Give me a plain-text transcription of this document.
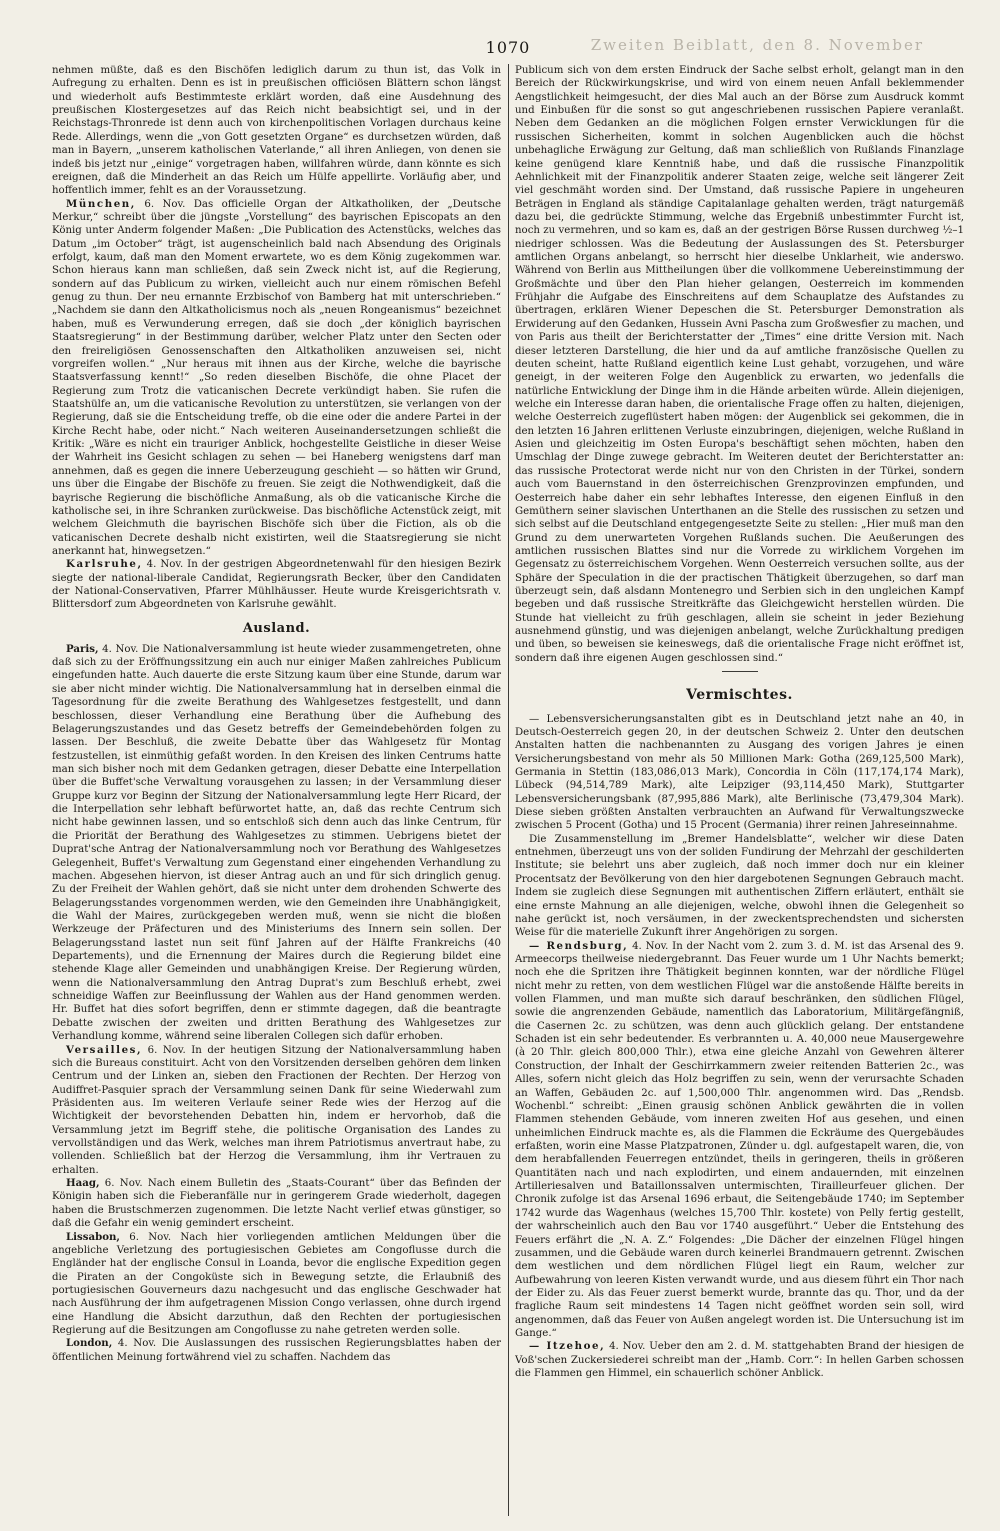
Zweiten Beiblatt, den 8. November
1070

nehmen müßte, daß es den Bischöfen lediglich darum zu thun ist, das Volk in Aufregung zu erhalten. Denn es ist in preußischen officiösen Blättern schon längst und wiederholt aufs Bestimmteste erklärt worden, daß eine Ausdehnung des preußischen Klostergesetzes auf das Reich nicht beabsichtigt sei, und in der Reichstags-Thronrede ist denn auch von kirchenpolitischen Vorlagen durchaus keine Rede. Allerdings, wenn die „von Gott gesetzten Organe“ es durchsetzen würden, daß man in Bayern, „unserem katholischen Vaterlande,“ all ihren Anliegen, von denen sie indeß bis jetzt nur „einige“ vorgetragen haben, willfahren würde, dann könnte es sich ereignen, daß die Minderheit an das Reich um Hülfe appellirte. Vorläufig aber, und hoffentlich immer, fehlt es an der Voraussetzung.

München, 6. Nov. Das officielle Organ der Altkatholiken, der „Deutsche Merkur,“ schreibt über die jüngste „Vorstellung“ des bayrischen Episcopats an den König unter Anderm folgender Maßen: „Die Publication des Actenstücks, welches das Datum „im October“ trägt, ist augenscheinlich bald nach Absendung des Originals erfolgt, kaum, daß man den Moment erwartete, wo es dem König zugekommen war. Schon hieraus kann man schließen, daß sein Zweck nicht ist, auf die Regierung, sondern auf das Publicum zu wirken, vielleicht auch nur einem römischen Befehl genug zu thun. Der neu ernannte Erzbischof von Bamberg hat mit unterschrieben.“ „Nachdem sie dann den Altkatholicismus noch als „neuen Rongeanismus“ bezeichnet haben, muß es Verwunderung erregen, daß sie doch „der königlich bayrischen Staatsregierung“ in der Bestimmung darüber, welcher Platz unter den Secten oder den freireligiösen Genossenschaften den Altkatholiken anzuweisen sei, nicht vorgreifen wollen.“ „Nur heraus mit ihnen aus der Kirche, welche die bayrische Staatsverfassung kennt!“ „So reden dieselben Bischöfe, die ohne Placet der Regierung zum Trotz die vaticanischen Decrete verkündigt haben. Sie rufen die Staatshülfe an, um die vaticanische Revolution zu unterstützen, sie verlangen von der Regierung, daß sie die Entscheidung treffe, ob die eine oder die andere Partei in der Kirche Recht habe, oder nicht.“ Nach weiteren Auseinandersetzungen schließt die Kritik: „Wäre es nicht ein trauriger Anblick, hochgestellte Geistliche in dieser Weise der Wahrheit ins Gesicht schlagen zu sehen — bei Haneberg wenigstens darf man annehmen, daß es gegen die innere Ueberzeugung geschieht — so hätten wir Grund, uns über die Eingabe der Bischöfe zu freuen. Sie zeigt die Nothwendigkeit, daß die bayrische Regierung die bischöfliche Anmaßung, als ob die vaticanische Kirche die katholische sei, in ihre Schranken zurückweise. Das bischöfliche Actenstück zeigt, mit welchem Gleichmuth die bayrischen Bischöfe sich über die Fiction, als ob die vaticanischen Decrete deshalb nicht existirten, weil die Staatsregierung sie nicht anerkannt hat, hinwegsetzen.“

Karlsruhe, 4. Nov. In der gestrigen Abgeordnetenwahl für den hiesigen Bezirk siegte der national-liberale Candidat, Regierungsrath Becker, über den Candidaten der National-Conservativen, Pfarrer Mühlhäusser. Heute wurde Kreisgerichtsrath v. Blittersdorf zum Abgeordneten von Karlsruhe gewählt.

Ausland.

Paris, 4. Nov. Die Nationalversammlung ist heute wieder zusammengetreten, ohne daß sich zu der Eröffnungssitzung ein auch nur einiger Maßen zahlreiches Publicum eingefunden hatte. Auch dauerte die erste Sitzung kaum über eine Stunde, darum war sie aber nicht minder wichtig. Die Nationalversammlung hat in derselben einmal die Tagesordnung für die zweite Berathung des Wahlgesetzes festgestellt, und dann beschlossen, dieser Verhandlung eine Berathung über die Aufhebung des Belagerungszustandes und das Gesetz betreffs der Gemeindebehörden folgen zu lassen. Der Beschluß, die zweite Debatte über das Wahlgesetz für Montag festzustellen, ist einmüthig gefaßt worden. In den Kreisen des linken Centrums hatte man sich bisher noch mit dem Gedanken getragen, dieser Debatte eine Interpellation über die Buffet'sche Verwaltung vorausgehen zu lassen; in der Versammlung dieser Gruppe kurz vor Beginn der Sitzung der Nationalversammlung legte Herr Ricard, der die Interpellation sehr lebhaft befürwortet hatte, an, daß das rechte Centrum sich nicht habe gewinnen lassen, und so entschloß sich denn auch das linke Centrum, für die Priorität der Berathung des Wahlgesetzes zu stimmen. Uebrigens bietet der Duprat'sche Antrag der Nationalversammlung noch vor Berathung des Wahlgesetzes Gelegenheit, Buffet's Verwaltung zum Gegenstand einer eingehenden Verhandlung zu machen. Abgesehen hiervon, ist dieser Antrag auch an und für sich dringlich genug. Zu der Freiheit der Wahlen gehört, daß sie nicht unter dem drohenden Schwerte des Belagerungsstandes vorgenommen werden, wie den Gemeinden ihre Unabhängigkeit, die Wahl der Maires, zurückgegeben werden muß, wenn sie nicht die bloßen Werkzeuge der Präfecturen und des Ministeriums des Innern sein sollen. Der Belagerungsstand lastet nun seit fünf Jahren auf der Hälfte Frankreichs (40 Departements), und die Ernennung der Maires durch die Regierung bildet eine stehende Klage aller Gemeinden und unabhängigen Kreise. Der Regierung würden, wenn die Nationalversammlung den Antrag Duprat's zum Beschluß erhebt, zwei schneidige Waffen zur Beeinflussung der Wahlen aus der Hand genommen werden. Hr. Buffet hat dies sofort begriffen, denn er stimmte dagegen, daß die beantragte Debatte zwischen der zweiten und dritten Berathung des Wahlgesetzes zur Verhandlung komme, während seine liberalen Collegen sich dafür erhoben.

Versailles, 6. Nov. In der heutigen Sitzung der Nationalversammlung haben sich die Bureaus constituirt. Acht von den Vorsitzenden derselben gehören dem linken Centrum und der Linken an, sieben den Fractionen der Rechten. Der Herzog von Audiffret-Pasquier sprach der Versammlung seinen Dank für seine Wiederwahl zum Präsidenten aus. Im weiteren Verlaufe seiner Rede wies der Herzog auf die Wichtigkeit der bevorstehenden Debatten hin, indem er hervorhob, daß die Versammlung jetzt im Begriff stehe, die politische Organisation des Landes zu vervollständigen und das Werk, welches man ihrem Patriotismus anvertraut habe, zu vollenden. Schließlich bat der Herzog die Versammlung, ihm ihr Vertrauen zu erhalten.

Haag, 6. Nov. Nach einem Bulletin des „Staats-Courant“ über das Befinden der Königin haben sich die Fieberanfälle nur in geringerem Grade wiederholt, dagegen haben die Brustschmerzen zugenommen. Die letzte Nacht verlief etwas günstiger, so daß die Gefahr ein wenig gemindert erscheint.

Lissabon, 6. Nov. Nach hier vorliegenden amtlichen Meldungen über die angebliche Verletzung des portugiesischen Gebietes am Congoflusse durch die Engländer hat der englische Consul in Loanda, bevor die englische Expedition gegen die Piraten an der Congoküste sich in Bewegung setzte, die Erlaubniß des portugiesischen Gouverneurs dazu nachgesucht und das englische Geschwader hat nach Ausführung der ihm aufgetragenen Mission Congo verlassen, ohne durch irgend eine Handlung die Absicht darzuthun, daß den Rechten der portugiesischen Regierung auf die Besitzungen am Congoflusse zu nahe getreten werden solle.

London, 4. Nov. Die Auslassungen des russischen Regierungsblattes haben der öffentlichen Meinung fortwährend viel zu schaffen. Nachdem das

Publicum sich von dem ersten Eindruck der Sache selbst erholt, gelangt man in den Bereich der Rückwirkungskrise, und wird von einem neuen Anfall beklemmender Aengstlichkeit heimgesucht, der dies Mal auch an der Börse zum Ausdruck kommt und Einbußen für die sonst so gut angeschriebenen russischen Papiere veranlaßt. Neben dem Gedanken an die möglichen Folgen ernster Verwicklungen für die russischen Sicherheiten, kommt in solchen Augenblicken auch die höchst unbehagliche Erwägung zur Geltung, daß man schließlich von Rußlands Finanzlage keine genügend klare Kenntniß habe, und daß die russische Finanzpolitik Aehnlichkeit mit der Finanzpolitik anderer Staaten zeige, welche seit längerer Zeit viel geschmäht worden sind. Der Umstand, daß russische Papiere in ungeheuren Beträgen in England als ständige Capitalanlage gehalten werden, trägt naturgemäß dazu bei, die gedrückte Stimmung, welche das Ergebniß unbestimmter Furcht ist, noch zu vermehren, und so kam es, daß an der gestrigen Börse Russen durchweg ½–1 niedriger schlossen. Was die Bedeutung der Auslassungen des St. Petersburger amtlichen Organs anbelangt, so herrscht hier dieselbe Unklarheit, wie anderswo. Während von Berlin aus Mittheilungen über die vollkommene Uebereinstimmung der Großmächte und über den Plan hieher gelangen, Oesterreich im kommenden Frühjahr die Aufgabe des Einschreitens auf dem Schauplatze des Aufstandes zu übertragen, erklären Wiener Depeschen die St. Petersburger Demonstration als Erwiderung auf den Gedanken, Hussein Avni Pascha zum Großwesfier zu machen, und von Paris aus theilt der Berichterstatter der „Times“ eine dritte Version mit. Nach dieser letzteren Darstellung, die hier und da auf amtliche französische Quellen zu deuten scheint, hatte Rußland eigentlich keine Lust gehabt, vorzugehen, und wäre geneigt, in der weiteren Folge den Augenblick zu erwarten, wo jedenfalls die natürliche Entwicklung der Dinge ihm in die Hände arbeiten würde. Allein diejenigen, welche ein Interesse daran haben, die orientalische Frage offen zu halten, diejenigen, welche Oesterreich zugeflüstert haben mögen: der Augenblick sei gekommen, die in den letzten 16 Jahren erlittenen Verluste einzubringen, diejenigen, welche Rußland in Asien und gleichzeitig im Osten Europa's beschäftigt sehen möchten, haben den Umschlag der Dinge zuwege gebracht. Im Weiteren deutet der Berichterstatter an: das russische Protectorat werde nicht nur von den Christen in der Türkei, sondern auch vom Bauernstand in den österreichischen Grenzprovinzen empfunden, und Oesterreich habe daher ein sehr lebhaftes Interesse, den eigenen Einfluß in den Gemüthern seiner slavischen Unterthanen an die Stelle des russischen zu setzen und sich selbst auf die Deutschland entgegengesetzte Seite zu stellen: „Hier muß man den Grund zu dem unerwarteten Vorgehen Rußlands suchen. Die Aeußerungen des amtlichen russischen Blattes sind nur die Vorrede zu wirklichem Vorgehen im Gegensatz zu österreichischem Vorgehen. Wenn Oesterreich versuchen sollte, aus der Sphäre der Speculation in die der practischen Thätigkeit überzugehen, so darf man überzeugt sein, daß alsdann Montenegro und Serbien sich in den ungleichen Kampf begeben und daß russische Streitkräfte das Gleichgewicht herstellen würden. Die Stunde hat vielleicht zu früh geschlagen, allein sie scheint in jeder Beziehung ausnehmend günstig, und was diejenigen anbelangt, welche Zurückhaltung predigen und üben, so beweisen sie keineswegs, daß die orientalische Frage nicht eröffnet ist, sondern daß ihre eigenen Augen geschlossen sind.“

Vermischtes.

— Lebensversicherungsanstalten gibt es in Deutschland jetzt nahe an 40, in Deutsch-Oesterreich gegen 20, in der deutschen Schweiz 2. Unter den deutschen Anstalten hatten die nachbenannten zu Ausgang des vorigen Jahres je einen Versicherungsbestand von mehr als 50 Millionen Mark: Gotha (269,125,500 Mark), Germania in Stettin (183,086,013 Mark), Concordia in Cöln (117,174,174 Mark), Lübeck (94,514,789 Mark), alte Leipziger (93,114,450 Mark), Stuttgarter Lebensversicherungsbank (87,995,886 Mark), alte Berlinische (73,479,304 Mark). Diese sieben größten Anstalten verbrauchten an Aufwand für Verwaltungszwecke zwischen 5 Procent (Gotha) und 15 Procent (Germania) ihrer reinen Jahreseinnahme.

Die Zusammenstellung im „Bremer Handelsblatte“, welcher wir diese Daten entnehmen, überzeugt uns von der soliden Fundirung der Mehrzahl der geschilderten Institute; sie belehrt uns aber zugleich, daß noch immer doch nur ein kleiner Procentsatz der Bevölkerung von den hier dargebotenen Segnungen Gebrauch macht. Indem sie zugleich diese Segnungen mit authentischen Ziffern erläutert, enthält sie eine ernste Mahnung an alle diejenigen, welche, obwohl ihnen die Gelegenheit so nahe gerückt ist, noch versäumen, in der zweckentsprechendsten und sichersten Weise für die materielle Zukunft ihrer Angehörigen zu sorgen.

— Rendsburg, 4. Nov. In der Nacht vom 2. zum 3. d. M. ist das Arsenal des 9. Armeecorps theilweise niedergebrannt. Das Feuer wurde um 1 Uhr Nachts bemerkt; noch ehe die Spritzen ihre Thätigkeit beginnen konnten, war der nördliche Flügel nicht mehr zu retten, von dem westlichen Flügel war die anstoßende Hälfte bereits in vollen Flammen, und man mußte sich darauf beschränken, den südlichen Flügel, sowie die angrenzenden Gebäude, namentlich das Laboratorium, Militärgefängniß, die Casernen 2c. zu schützen, was denn auch glücklich gelang. Der entstandene Schaden ist ein sehr bedeutender. Es verbrannten u. A. 40,000 neue Mausergewehre (à 20 Thlr. gleich 800,000 Thlr.), etwa eine gleiche Anzahl von Gewehren älterer Construction, der Inhalt der Geschirrkammern zweier reitenden Batterien 2c., was Alles, sofern nicht gleich das Holz begriffen zu sein, wenn der verursachte Schaden an Waffen, Gebäuden 2c. auf 1,500,000 Thlr. angenommen wird. Das „Rendsb. Wochenbl.“ schreibt: „Einen grausig schönen Anblick gewährten die in vollen Flammen stehenden Gebäude, vom inneren zweiten Hof aus gesehen, und einen unheimlichen Eindruck machte es, als die Flammen die Eckräume des Quergebäudes erfaßten, worin eine Masse Platzpatronen, Zünder u. dgl. aufgestapelt waren, die, von dem herabfallenden Feuerregen entzündet, theils in geringeren, theils in größeren Quantitäten nach und nach explodirten, und einem andauernden, mit einzelnen Artilleriesalven und Bataillonssalven untermischten, Tirailleurfeuer glichen. Der Chronik zufolge ist das Arsenal 1696 erbaut, die Seitengebäude 1740; im September 1742 wurde das Wagenhaus (welches 15,700 Thlr. kostete) von Pelly fertig gestellt, der wahrscheinlich auch den Bau vor 1740 ausgeführt.“ Ueber die Entstehung des Feuers erfährt die „N. A. Z.“ Folgendes: „Die Dächer der einzelnen Flügel hingen zusammen, und die Gebäude waren durch keinerlei Brandmauern getrennt. Zwischen dem westlichen und dem nördlichen Flügel liegt ein Raum, welcher zur Aufbewahrung von leeren Kisten verwandt wurde, und aus diesem führt ein Thor nach der Eider zu. Als das Feuer zuerst bemerkt wurde, brannte das qu. Thor, und da der fragliche Raum seit mindestens 14 Tagen nicht geöffnet worden sein soll, wird angenommen, daß das Feuer von Außen angelegt worden ist. Die Untersuchung ist im Gange.“

— Itzehoe, 4. Nov. Ueber den am 2. d. M. stattgehabten Brand der hiesigen de Voß'schen Zuckersiederei schreibt man der „Hamb. Corr.“: In hellen Garben schossen die Flammen gen Himmel, ein schauerlich schöner Anblick.
